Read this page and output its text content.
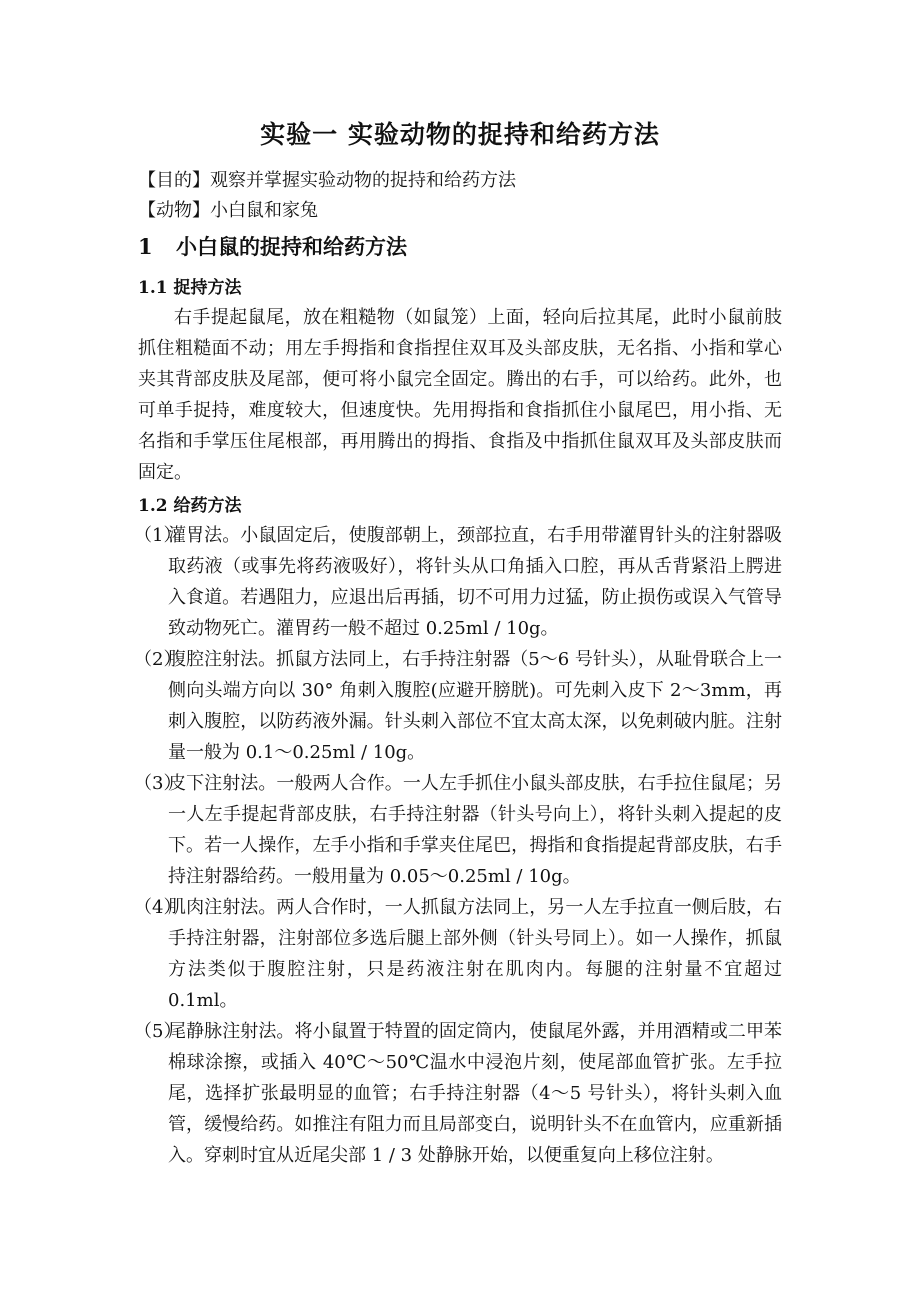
实验一 实验动物的捉持和给药方法

【目的】观察并掌握实验动物的捉持和给药方法

【动物】小白鼠和家兔

1 小白鼠的捉持和给药方法
1.1 捉持方法

右手提起鼠尾，放在粗糙物（如鼠笼）上面，轻向后拉其尾，此时小鼠前肢抓住粗糙面不动；用左手拇指和食指捏住双耳及头部皮肤，无名指、小指和掌心夹其背部皮肤及尾部，便可将小鼠完全固定。腾出的右手，可以给药。此外，也可单手捉持，难度较大，但速度快。先用拇指和食指抓住小鼠尾巴，用小指、无名指和手掌压住尾根部，再用腾出的拇指、食指及中指抓住鼠双耳及头部皮肤而固定。

1.2 给药方法

（1）灌胃法。小鼠固定后，使腹部朝上，颈部拉直，右手用带灌胃针头的注射器吸取药液（或事先将药液吸好），将针头从口角插入口腔，再从舌背紧沿上腭进入食道。若遇阻力，应退出后再插，切不可用力过猛，防止损伤或误入气管导致动物死亡。灌胃药一般不超过 0.25ml / 10g。

（2）腹腔注射法。抓鼠方法同上，右手持注射器（5～6 号针头），从耻骨联合上一侧向头端方向以 30° 角刺入腹腔(应避开膀胱)。可先刺入皮下 2～3mm，再刺入腹腔，以防药液外漏。针头刺入部位不宜太高太深，以免刺破内脏。注射量一般为 0.1～0.25ml / 10g。

（3）皮下注射法。一般两人合作。一人左手抓住小鼠头部皮肤，右手拉住鼠尾；另一人左手提起背部皮肤，右手持注射器（针头号向上），将针头刺入提起的皮下。若一人操作，左手小指和手掌夹住尾巴，拇指和食指提起背部皮肤，右手持注射器给药。一般用量为 0.05～0.25ml / 10g。

（4）肌肉注射法。两人合作时，一人抓鼠方法同上，另一人左手拉直一侧后肢，右手持注射器，注射部位多选后腿上部外侧（针头号同上）。如一人操作，抓鼠方法类似于腹腔注射，只是药液注射在肌肉内。每腿的注射量不宜超过 0.1ml。

（5）尾静脉注射法。将小鼠置于特置的固定筒内，使鼠尾外露，并用酒精或二甲苯棉球涂擦，或插入 40℃～50℃温水中浸泡片刻，使尾部血管扩张。左手拉尾，选择扩张最明显的血管；右手持注射器（4～5 号针头），将针头刺入血管，缓慢给药。如推注有阻力而且局部变白，说明针头不在血管内，应重新插入。穿刺时宜从近尾尖部 1 / 3 处静脉开始，以便重复向上移位注射。
